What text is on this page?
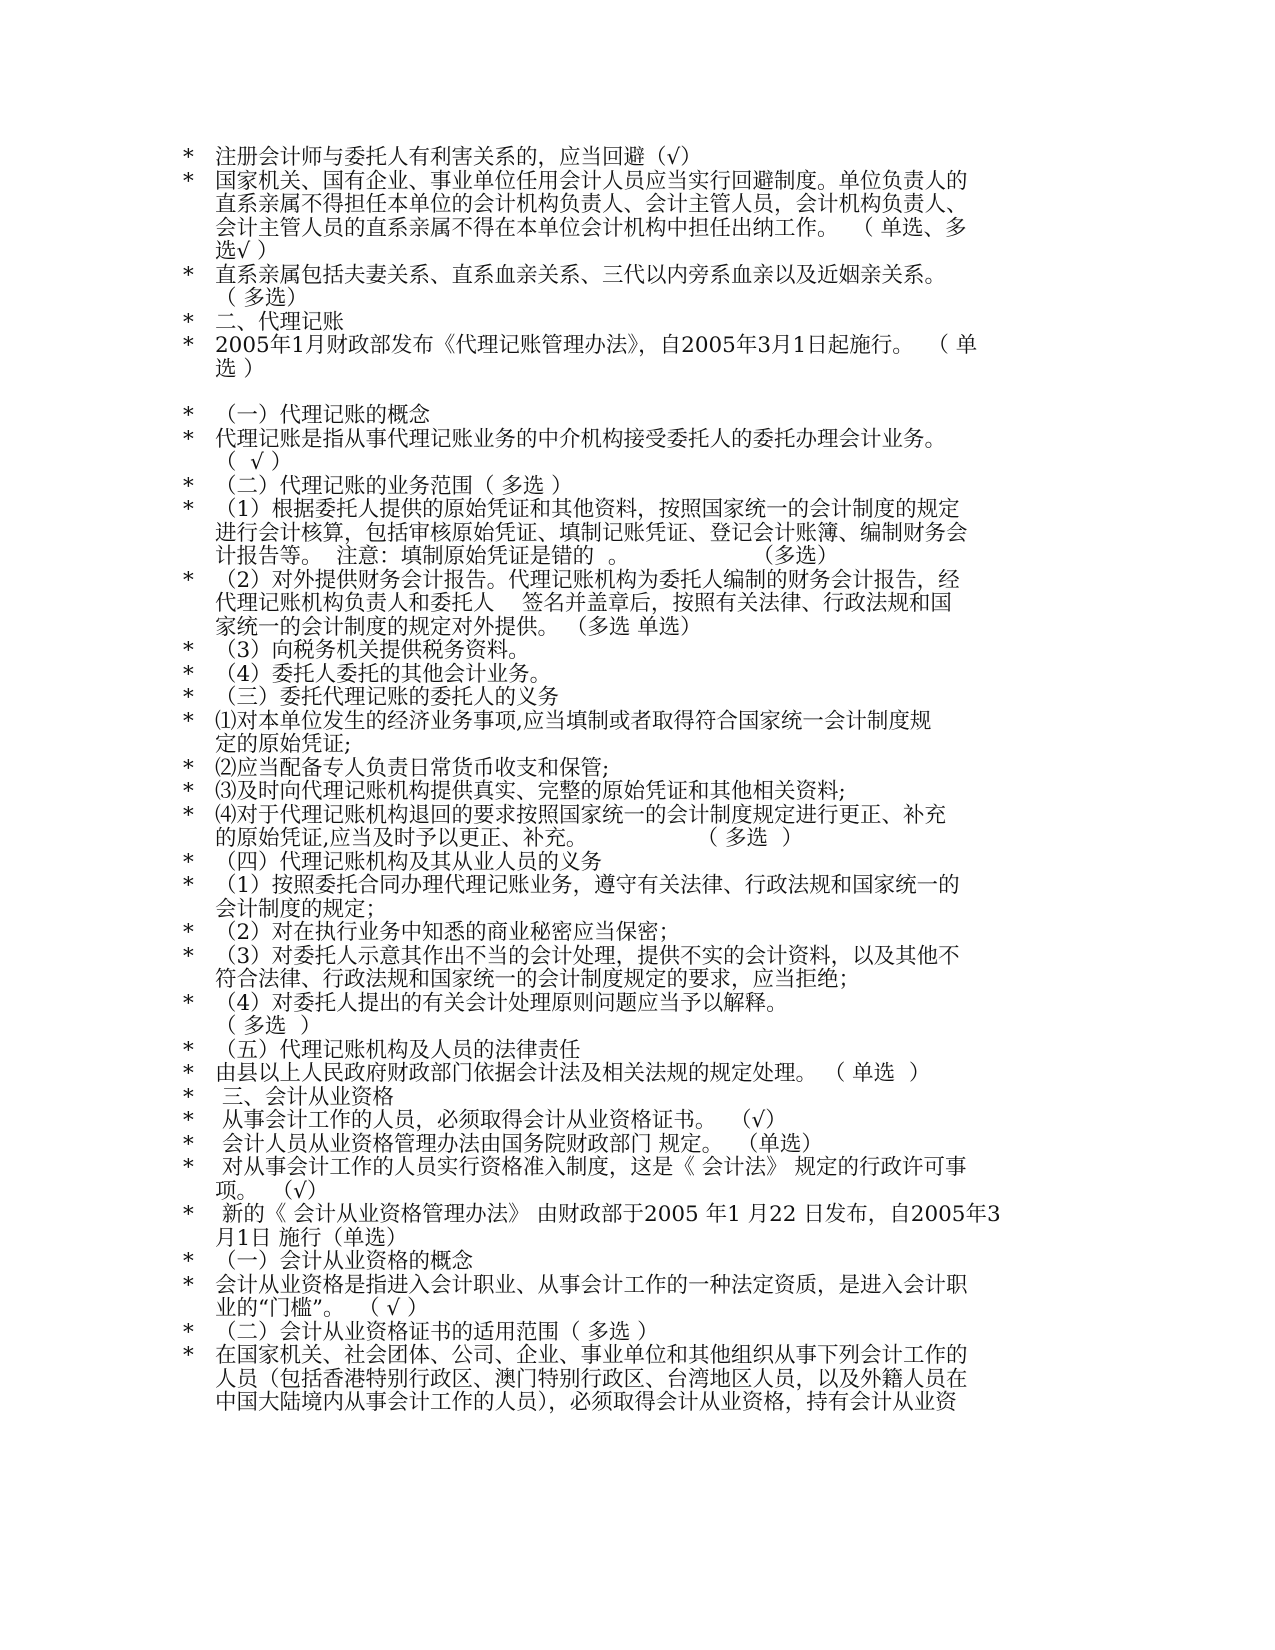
* 注册会计师与委托人有利害关系的，应当回避（√）
* 国家机关、国有企业、事业单位任用会计人员应当实行回避制度。单位负责人的
直系亲属不得担任本单位的会计机构负责人、会计主管人员，会计机构负责人、
会计主管人员的直系亲属不得在本单位会计机构中担任出纳工作。  （ 单选、多
选√ ）
* 直系亲属包括夫妻关系、直系血亲关系、三代以内旁系血亲以及近姻亲关系。
（ 多选）
* 二、代理记账
* 2005年1月财政部发布《代理记账管理办法》，自2005年3月1日起施行。  （ 单
选 ）
* （一）代理记账的概念
* 代理记账是指从事代理记账业务的中介机构接受委托人的委托办理会计业务。
（  √ ）
* （二）代理记账的业务范围（ 多选 ）
* （1）根据委托人提供的原始凭证和其他资料，按照国家统一的会计制度的规定
进行会计核算，包括审核原始凭证、填制记账凭证、登记会计账簿、编制财务会
计报告等。  注意：填制原始凭证是错的  。                  （多选）
* （2）对外提供财务会计报告。代理记账机构为委托人编制的财务会计报告，经
代理记账机构负责人和委托人    签名并盖章后，按照有关法律、行政法规和国
家统一的会计制度的规定对外提供。 （多选 单选）
* （3）向税务机关提供税务资料。
* （4）委托人委托的其他会计业务。
* （三）委托代理记账的委托人的义务
* ⑴对本单位发生的经济业务事项,应当填制或者取得符合国家统一会计制度规
定的原始凭证;
* ⑵应当配备专人负责日常货币收支和保管;
* ⑶及时向代理记账机构提供真实、完整的原始凭证和其他相关资料;
* ⑷对于代理记账机构退回的要求按照国家统一的会计制度规定进行更正、补充
的原始凭证,应当及时予以更正、补充。                （ 多选  ）
* （四）代理记账机构及其从业人员的义务
* （1）按照委托合同办理代理记账业务，遵守有关法律、行政法规和国家统一的
会计制度的规定；
* （2）对在执行业务中知悉的商业秘密应当保密；
* （3）对委托人示意其作出不当的会计处理，提供不实的会计资料，以及其他不
符合法律、行政法规和国家统一的会计制度规定的要求，应当拒绝；
* （4）对委托人提出的有关会计处理原则问题应当予以解释。
（ 多选  ）
* （五）代理记账机构及人员的法律责任
* 由县以上人民政府财政部门依据会计法及相关法规的规定处理。 （ 单选  ）
* 三、会计从业资格
* 从事会计工作的人员，必须取得会计从业资格证书。  （√）
* 会计人员从业资格管理办法由国务院财政部门 规定。  （单选）
* 对从事会计工作的人员实行资格准入制度，这是《 会计法》 规定的行政许可事
项。  （√）
* 新的《 会计从业资格管理办法》 由财政部于2005 年1 月22 日发布，自2005年3
月1日 施行（单选）
* （一）会计从业资格的概念
* 会计从业资格是指进入会计职业、从事会计工作的一种法定资质，是进入会计职
业的“门槛”。  （ √ ）
* （二）会计从业资格证书的适用范围（ 多选 ）
* 在国家机关、社会团体、公司、企业、事业单位和其他组织从事下列会计工作的
人员（包括香港特别行政区、澳门特别行政区、台湾地区人员，以及外籍人员在
中国大陆境内从事会计工作的人员），必须取得会计从业资格，持有会计从业资
